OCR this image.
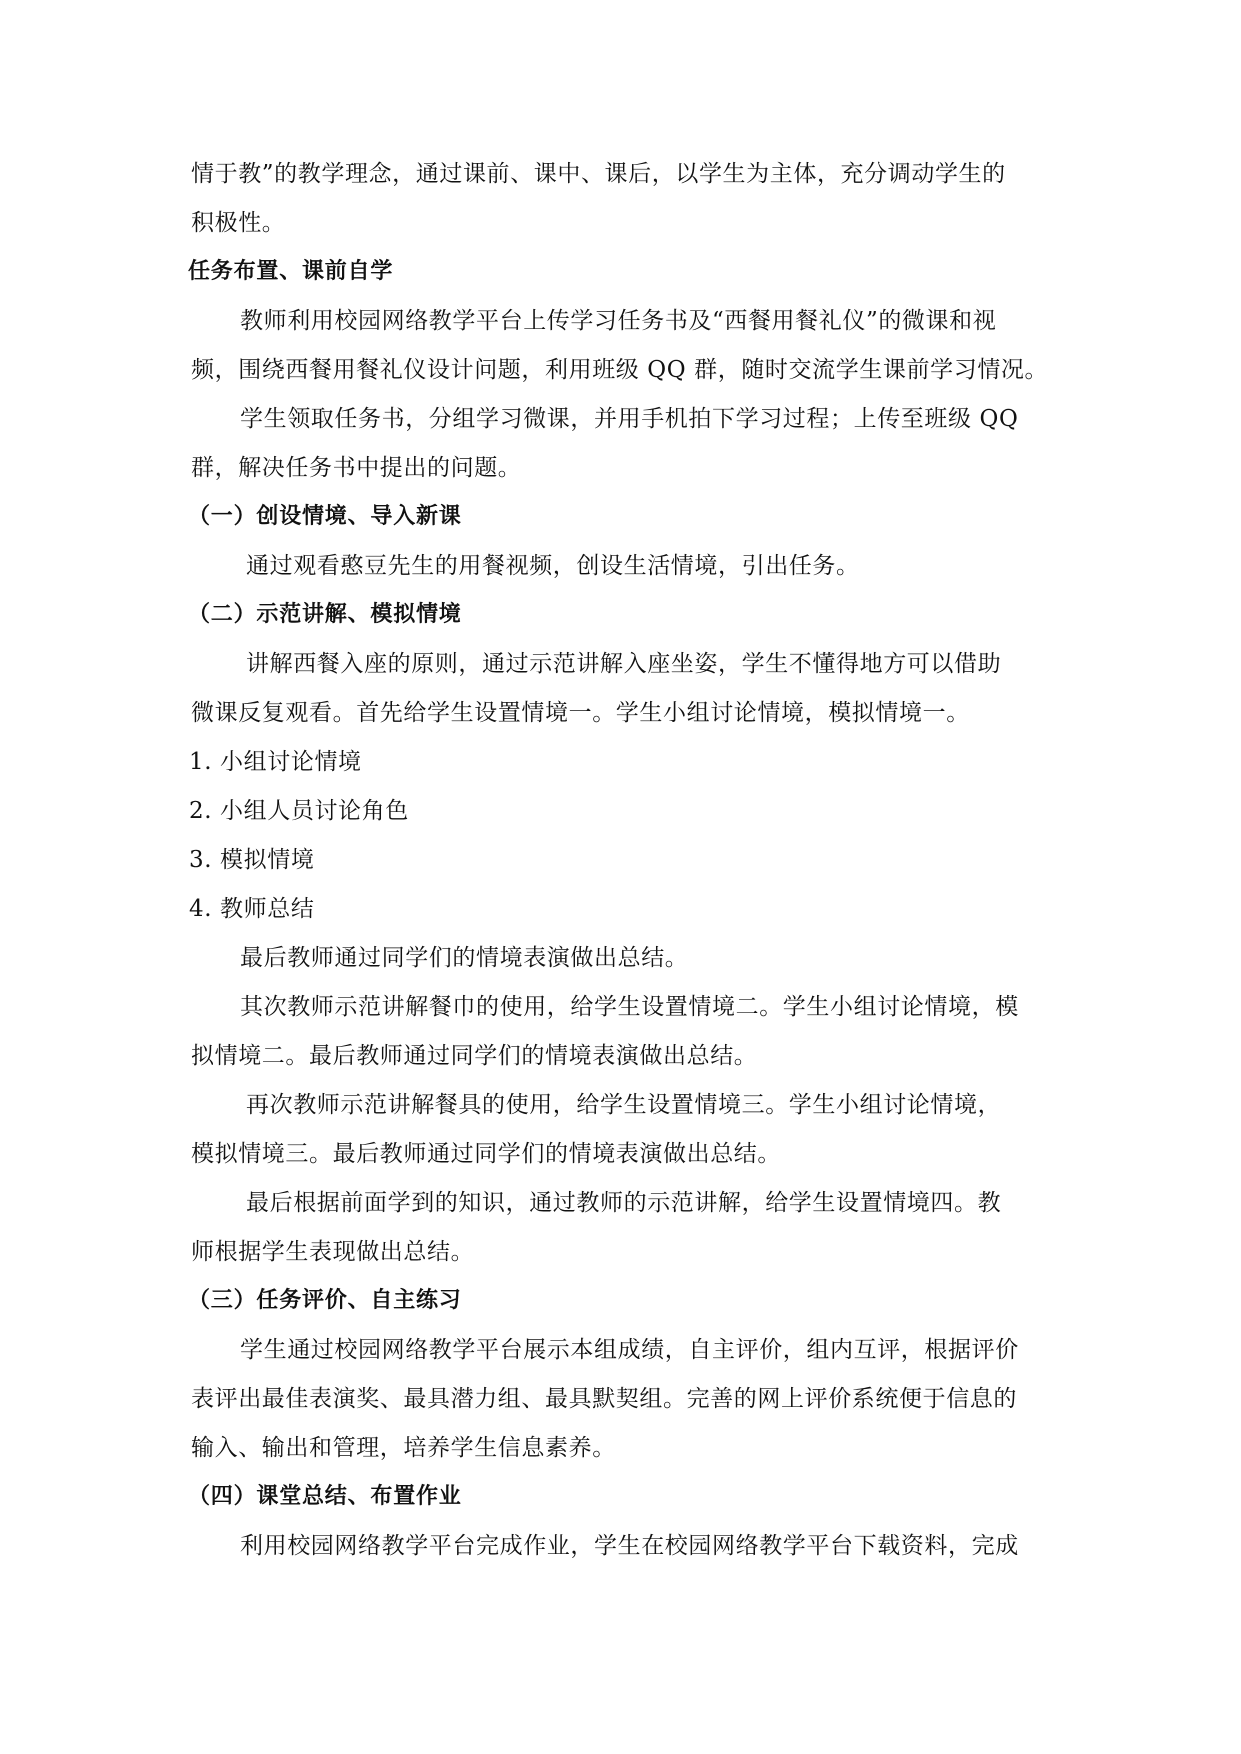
情于教”的教学理念，通过课前、课中、课后，以学生为主体，充分调动学生的

积极性。

任务布置、课前自学

教师利用校园网络教学平台上传学习任务书及“西餐用餐礼仪”的微课和视

频，围绕西餐用餐礼仪设计问题，利用班级 QQ 群，随时交流学生课前学习情况。

学生领取任务书，分组学习微课，并用手机拍下学习过程；上传至班级 QQ

群，解决任务书中提出的问题。

（一）创设情境、导入新课

通过观看憨豆先生的用餐视频，创设生活情境，引出任务。

（二）示范讲解、模拟情境

讲解西餐入座的原则，通过示范讲解入座坐姿，学生不懂得地方可以借助

微课反复观看。首先给学生设置情境一。学生小组讨论情境，模拟情境一。

1. 小组讨论情境

2. 小组人员讨论角色

3. 模拟情境

4. 教师总结

最后教师通过同学们的情境表演做出总结。

其次教师示范讲解餐巾的使用，给学生设置情境二。学生小组讨论情境，模

拟情境二。最后教师通过同学们的情境表演做出总结。

再次教师示范讲解餐具的使用，给学生设置情境三。学生小组讨论情境，

模拟情境三。最后教师通过同学们的情境表演做出总结。

最后根据前面学到的知识，通过教师的示范讲解，给学生设置情境四。教

师根据学生表现做出总结。

（三）任务评价、自主练习

学生通过校园网络教学平台展示本组成绩，自主评价，组内互评，根据评价

表评出最佳表演奖、最具潜力组、最具默契组。完善的网上评价系统便于信息的

输入、输出和管理，培养学生信息素养。

（四）课堂总结、布置作业

利用校园网络教学平台完成作业，学生在校园网络教学平台下载资料，完成
